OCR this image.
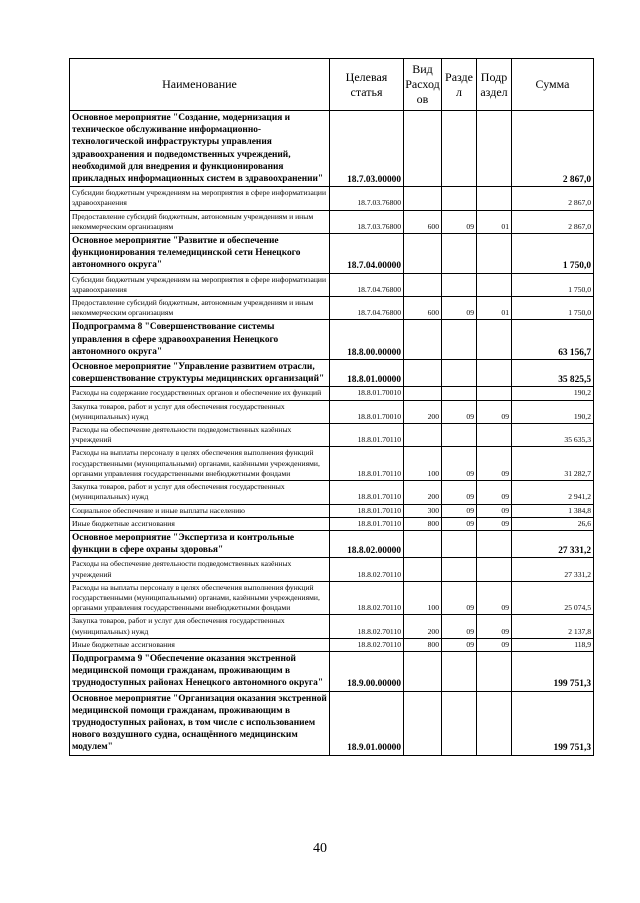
Наименование	Целевая статья	Вид Расход ов	Разде л	Подр аздел	Сумма
Основное мероприятие "Создание, модернизация и техническое обслуживание информационно-технологической инфраструктуры управления здравоохранения и подведомственных учреждений, необходимой для внедрения и функционирования прикладных информационных систем в здравоохранении"	18.7.03.00000				2 867,0
Субсидии бюджетным учреждениям на мероприятия в сфере информатизации здравоохранения	18.7.03.76800				2 867,0
Предоставление субсидий бюджетным, автономным учреждениям и иным некоммерческим организациям	18.7.03.76800	600	09	01	2 867,0
Основное мероприятие "Развитие и обеспечение функционирования телемедицинской сети Ненецкого автономного округа"	18.7.04.00000				1 750,0
Субсидии бюджетным учреждениям на мероприятия в сфере информатизации здравоохранения	18.7.04.76800				1 750,0
Предоставление субсидий бюджетным, автономным учреждениям и иным некоммерческим организациям	18.7.04.76800	600	09	01	1 750,0
Подпрограмма 8 "Совершенствование системы управления в сфере здравоохранения Ненецкого автономного округа"	18.8.00.00000				63 156,7
Основное мероприятие "Управление развитием отрасли, совершенствование структуры медицинских организаций"	18.8.01.00000				35 825,5
Расходы на содержание государственных органов и обеспечение их функций	18.8.01.70010				190,2
Закупка товаров, работ и услуг для обеспечения государственных (муниципальных) нужд	18.8.01.70010	200	09	09	190,2
Расходы на обеспечение деятельности подведомственных казённых учреждений	18.8.01.70110				35 635,3
Расходы на выплаты персоналу в целях обеспечения выполнения функций государственными (муниципальными) органами, казёнными учреждениями, органами управления государственными внебюджетными фондами	18.8.01.70110	100	09	09	31 282,7
Закупка товаров, работ и услуг для обеспечения государственных (муниципальных) нужд	18.8.01.70110	200	09	09	2 941,2
Социальное обеспечение и иные выплаты населению	18.8.01.70110	300	09	09	1 384,8
Иные бюджетные ассигнования	18.8.01.70110	800	09	09	26,6
Основное мероприятие "Экспертиза и контрольные функции в сфере охраны здоровья"	18.8.02.00000				27 331,2
Расходы на обеспечение деятельности подведомственных казённых учреждений	18.8.02.70110				27 331,2
Расходы на выплаты персоналу в целях обеспечения выполнения функций государственными (муниципальными) органами, казёнными учреждениями, органами управления государственными внебюджетными фондами	18.8.02.70110	100	09	09	25 074,5
Закупка товаров, работ и услуг для обеспечения государственных (муниципальных) нужд	18.8.02.70110	200	09	09	2 137,8
Иные бюджетные ассигнования	18.8.02.70110	800	09	09	118,9
Подпрограмма 9 "Обеспечение оказания экстренной медицинской помощи гражданам, проживающим в труднодоступных районах Ненецкого автономного округа"	18.9.00.00000				199 751,3
Основное мероприятие "Организация оказания экстренной медицинской помощи гражданам, проживающим в труднодоступных районах, в том числе с использованием нового воздушного судна, оснащённого медицинским модулем"	18.9.01.00000				199 751,3
40
